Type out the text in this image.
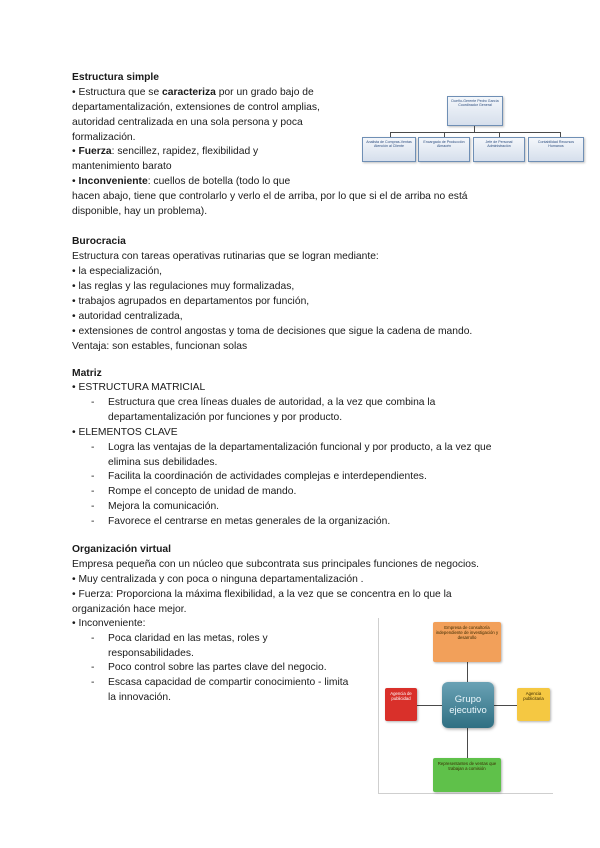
Estructura simple
• Estructura que se caracteriza por un grado bajo de
departamentalización, extensiones de control amplias,
autoridad centralizada en una sola persona y poca
formalización.
• Fuerza: sencillez, rapidez, flexibilidad y
mantenimiento barato
• Inconveniente: cuellos de botella (todo lo que
hacen abajo, tiene que controlarlo y verlo el de arriba, por lo que si el de arriba no está
disponible, hay un problema).
Dueño-Gerente Pedro García Coordinador General
Analista de Compras-Ventas Atención al Cliente
Encargado de Producción Almacén
Jefe de Personal Administración
Contabilidad Recursos Humanos
Burocracia
Estructura con tareas operativas rutinarias que se logran mediante:
• la especialización,
• las reglas y las regulaciones muy formalizadas,
• trabajos agrupados en departamentos por función,
• autoridad centralizada,
• extensiones de control angostas y toma de decisiones que sigue la cadena de mando.
Ventaja: son estables, funcionan solas
Matriz
• ESTRUCTURA MATRICIAL
- Estructura que crea líneas duales de autoridad, a la vez que combina la
departamentalización por funciones y por producto.
• ELEMENTOS CLAVE
- Logra las ventajas de la departamentalización funcional y por producto, a la vez que
elimina sus debilidades.
- Facilita la coordinación de actividades complejas e interdependientes.
- Rompe el concepto de unidad de mando.
- Mejora la comunicación.
- Favorece el centrarse en metas generales de la organización.
Organización virtual
Empresa pequeña con un núcleo que subcontrata sus principales funciones de negocios.
• Muy centralizada y con poca o ninguna departamentalización .
• Fuerza: Proporciona la máxima flexibilidad, a la vez que se concentra en lo que la
organización hace mejor.
• Inconveniente:
- Poca claridad en las metas, roles y
responsabilidades.
- Poco control sobre las partes clave del negocio.
- Escasa capacidad de compartir conocimiento - limita
la innovación.
Empresa de consultoría independiente de investigación y desarrollo
Agencia de publicidad
Agencia publicitaria
Representantes de ventas que trabajan a comisión
Grupo ejecutivo
